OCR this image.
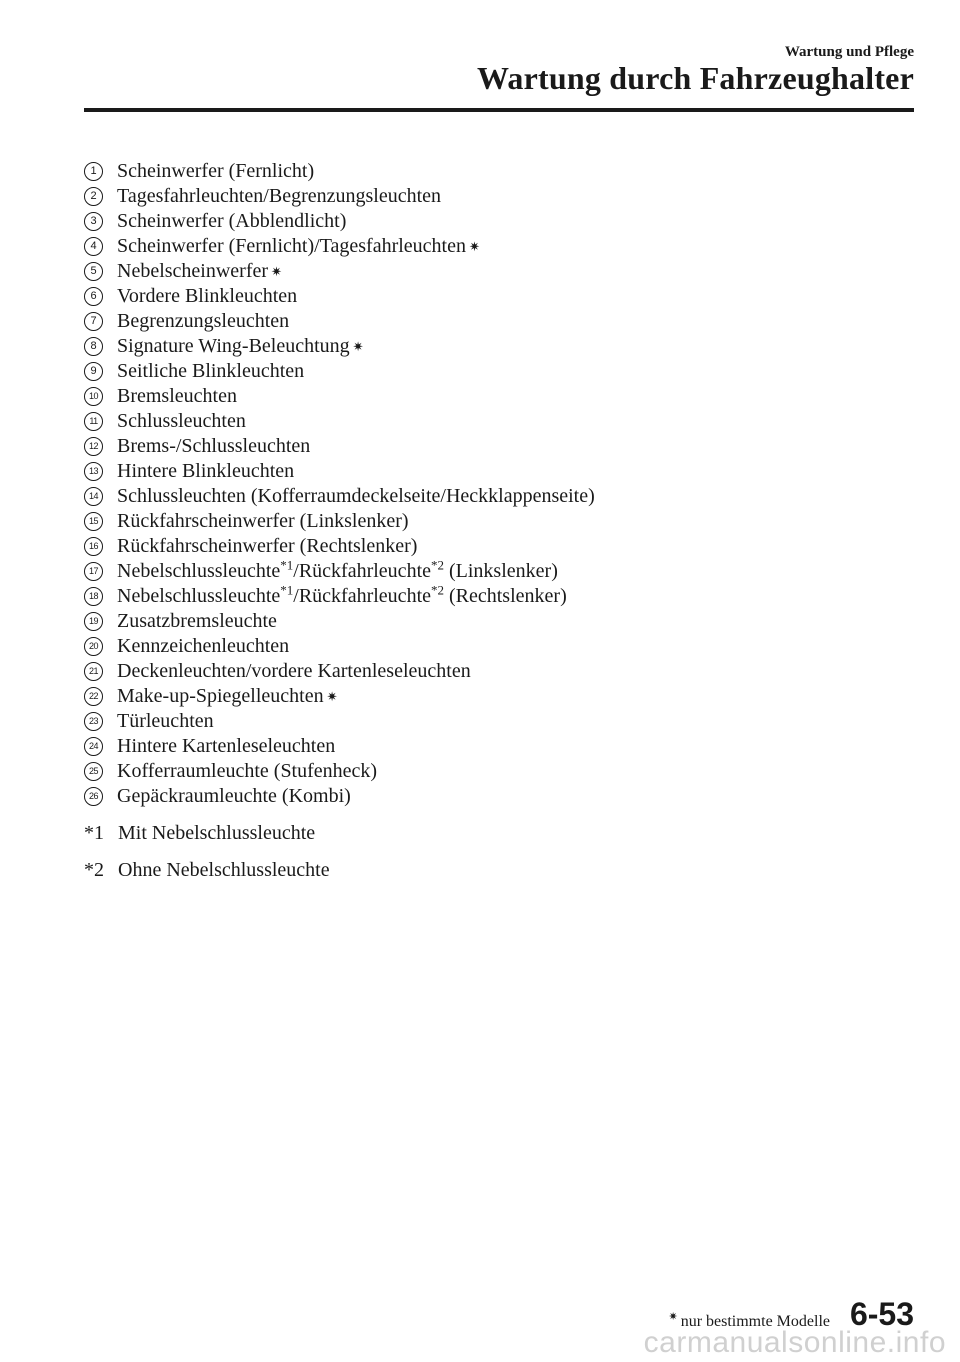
Wartung und Pflege
Wartung durch Fahrzeughalter
1	Scheinwerfer (Fernlicht)
2	Tagesfahrleuchten/Begrenzungsleuchten
3	Scheinwerfer (Abblendlicht)
4	Scheinwerfer (Fernlicht)/Tagesfahrleuchten ✷
5	Nebelscheinwerfer ✷
6	Vordere Blinkleuchten
7	Begrenzungsleuchten
8	Signature Wing-Beleuchtung ✷
9	Seitliche Blinkleuchten
10 Bremsleuchten
11 Schlussleuchten
12 Brems-/Schlussleuchten
13 Hintere Blinkleuchten
14 Schlussleuchten (Kofferraumdeckelseite/Heckklappenseite)
15 Rückfahrscheinwerfer (Linkslenker)
16 Rückfahrscheinwerfer (Rechtslenker)
17 Nebelschlussleuchte$^{*1}$/Rückfahrleuchte$^{*2}$ (Linkslenker)
18 Nebelschlussleuchte$^{*1}$/Rückfahrleuchte$^{*2}$ (Rechtslenker)
19 Zusatzbremsleuchte
20 Kennzeichenleuchten
21 Deckenleuchten/vordere Kartenleseleuchten
22 Make-up-Spiegelleuchten ✷
23 Türleuchten
24 Hintere Kartenleseleuchten
25 Kofferraumleuchte (Stufenheck)
26 Gepäckraumleuchte (Kombi)
*1 Mit Nebelschlussleuchte
*2 Ohne Nebelschlussleuchte
✷ nur bestimmte Modelle 6-53
carmanualsonline.info
